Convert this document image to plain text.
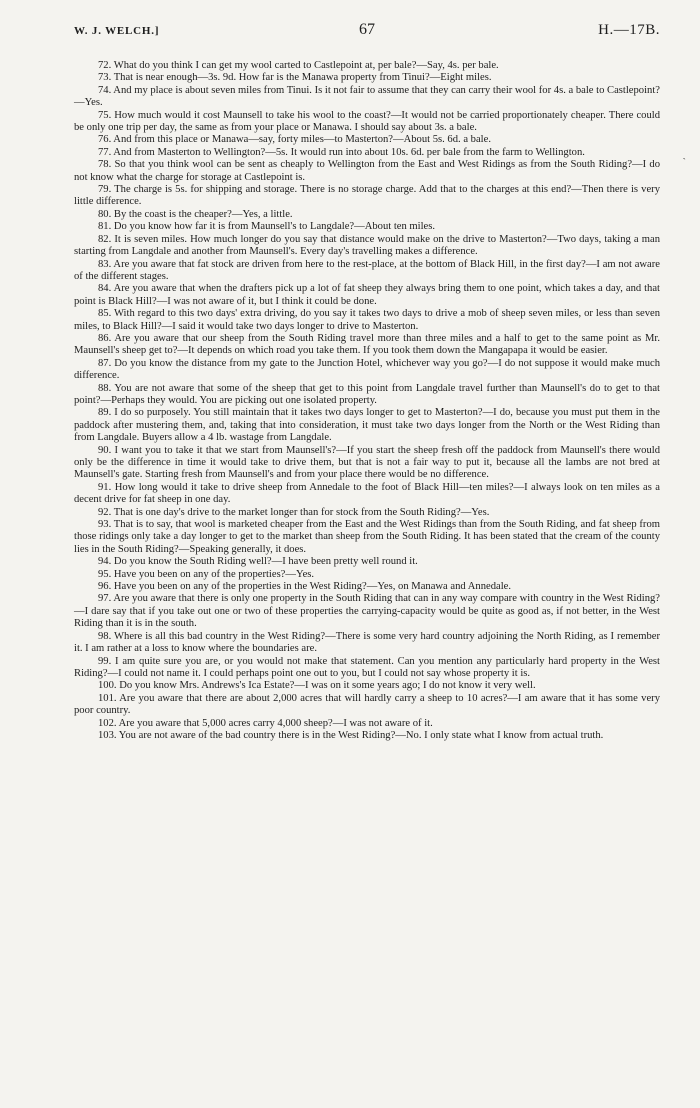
W. J. WELCH.]	67	H.—17B.

72. What do you think I can get my wool carted to Castlepoint at, per bale?—Say, 4s. per bale.

73. That is near enough—3s. 9d. How far is the Manawa property from Tinui?—Eight miles.

74. And my place is about seven miles from Tinui. Is it not fair to assume that they can carry their wool for 4s. a bale to Castlepoint?—Yes.

75. How much would it cost Maunsell to take his wool to the coast?—It would not be carried proportionately cheaper. There could be only one trip per day, the same as from your place or Manawa. I should say about 3s. a bale.

76. And from this place or Manawa—say, forty miles—to Masterton?—About 5s. 6d. a bale.

77. And from Masterton to Wellington?—5s. It would run into about 10s. 6d. per bale from the farm to Wellington.

78. So that you think wool can be sent as cheaply to Wellington from the East and West Ridings as from the South Riding?—I do not know what the charge for storage at Castlepoint is.

79. The charge is 5s. for shipping and storage. There is no storage charge. Add that to the charges at this end?—Then there is very little difference.

80. By the coast is the cheaper?—Yes, a little.

81. Do you know how far it is from Maunsell's to Langdale?—About ten miles.

82. It is seven miles. How much longer do you say that distance would make on the drive to Masterton?—Two days, taking a man starting from Langdale and another from Maunsell's. Every day's travelling makes a difference.

83. Are you aware that fat stock are driven from here to the rest-place, at the bottom of Black Hill, in the first day?—I am not aware of the different stages.

84. Are you aware that when the drafters pick up a lot of fat sheep they always bring them to one point, which takes a day, and that point is Black Hill?—I was not aware of it, but I think it could be done.

85. With regard to this two days' extra driving, do you say it takes two days to drive a mob of sheep seven miles, or less than seven miles, to Black Hill?—I said it would take two days longer to drive to Masterton.

86. Are you aware that our sheep from the South Riding travel more than three miles and a half to get to the same point as Mr. Maunsell's sheep get to?—It depends on which road you take them. If you took them down the Mangapapa it would be easier.

87. Do you know the distance from my gate to the Junction Hotel, whichever way you go?—I do not suppose it would make much difference.

88. You are not aware that some of the sheep that get to this point from Langdale travel further than Maunsell's do to get to that point?—Perhaps they would. You are picking out one isolated property.

89. I do so purposely. You still maintain that it takes two days longer to get to Masterton?—I do, because you must put them in the paddock after mustering them, and, taking that into consideration, it must take two days longer from the North or the West Riding than from Langdale. Buyers allow a 4 lb. wastage from Langdale.

90. I want you to take it that we start from Maunsell's?—If you start the sheep fresh off the paddock from Maunsell's there would only be the difference in time it would take to drive them, but that is not a fair way to put it, because all the lambs are not bred at Maunsell's gate. Starting fresh from Maunsell's and from your place there would be no difference.

91. How long would it take to drive sheep from Annedale to the foot of Black Hill—ten miles?—I always look on ten miles as a decent drive for fat sheep in one day.

92. That is one day's drive to the market longer than for stock from the South Riding?—Yes.

93. That is to say, that wool is marketed cheaper from the East and the West Ridings than from the South Riding, and fat sheep from those ridings only take a day longer to get to the market than sheep from the South Riding. It has been stated that the cream of the county lies in the South Riding?—Speaking generally, it does.

94. Do you know the South Riding well?—I have been pretty well round it.

95. Have you been on any of the properties?—Yes.

96. Have you been on any of the properties in the West Riding?—Yes, on Manawa and Annedale.

97. Are you aware that there is only one property in the South Riding that can in any way compare with country in the West Riding?—I dare say that if you take out one or two of these properties the carrying-capacity would be quite as good as, if not better, in the West Riding than it is in the south.

98. Where is all this bad country in the West Riding?—There is some very hard country adjoining the North Riding, as I remember it. I am rather at a loss to know where the boundaries are.

99. I am quite sure you are, or you would not make that statement. Can you mention any particularly hard property in the West Riding?—I could not name it. I could perhaps point one out to you, but I could not say whose property it is.

100. Do you know Mrs. Andrews's Ica Estate?—I was on it some years ago; I do not know it very well.

101. Are you aware that there are about 2,000 acres that will hardly carry a sheep to 10 acres?—I am aware that it has some very poor country.

102. Are you aware that 5,000 acres carry 4,000 sheep?—I was not aware of it.

103. You are not aware of the bad country there is in the West Riding?—No. I only state what I know from actual truth.

ˏ
